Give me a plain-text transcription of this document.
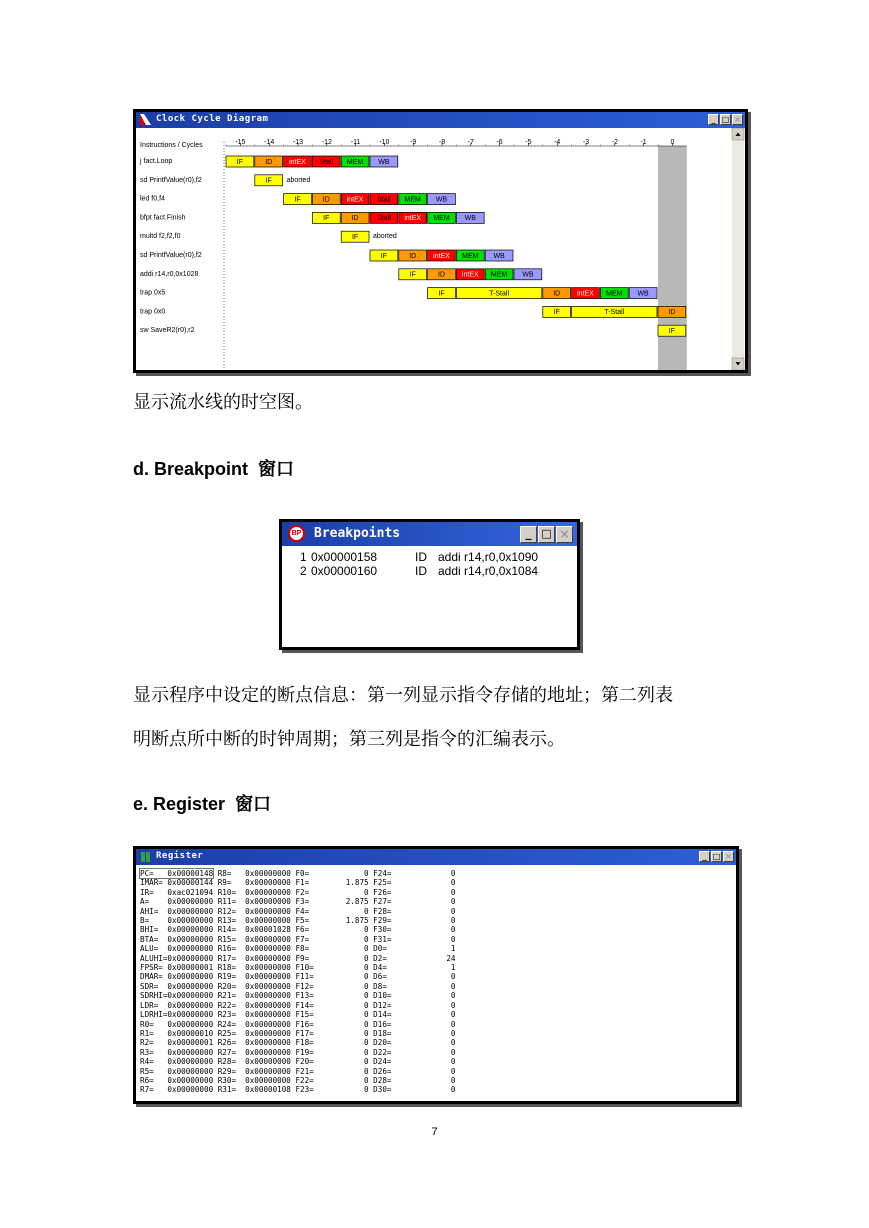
Clock Cycle Diagram	_ □ ×
Instructions / Cycles	-15	-14	-13	-12	-11	-10	-9	-8	-7	-6	-5	-4	-3	-2	-1	0
j fact.Loop	IF	ID intEX Stall MEM WB
sd PrintfValue(r0),f2	IF aborted
led f0,f4	IF	ID intEX Stall MEM WB
bfpt fact.Finish	IF	ID	Stall intEX MEM WB
multd f2,f2,f0	IF aborted
sd PrintfValue(r0),f2	IF	ID intEX MEM WB
addi r14,r0,0x1028	IF	ID intEX MEM WB
trap 0x5	IF	T-Stall	ID intEX MEM WB
trap 0x0	IF	T-Stall	ID
sw SaveR2(r0),r2	IF
显示流水线的时空图。
d. Breakpoint 窗口
BP Breakpoints	_ □ ×
1 0x00000158	ID addi r14,r0,0x1090
2 0x00000160	ID addi r14,r0,0x1084
显示程序中设定的断点信息：第一列显示指令存储的地址；第二列表
明断点所中断的时钟周期；第三列是指令的汇编表示。
e. Register 窗口
Register	_ □ ×
PC=   0x00000148 R8=   0x00000000 F0=            0 F24=             0
IMAR= 0x00000144 R9=   0x00000000 F1=        1.875 F25=             0
IR=   0xac021094 R10=  0x00000000 F2=            0 F26=             0
A=    0x00000000 R11=  0x00000000 F3=        2.875 F27=             0
AHI=  0x00000000 R12=  0x00000000 F4=            0 F28=             0
B=    0x00000000 R13=  0x00000000 F5=        1.875 F29=             0
BHI=  0x00000000 R14=  0x00001028 F6=            0 F30=             0
BTA=  0x00000000 R15=  0x00000000 F7=            0 F31=             0
ALU=  0x00000000 R16=  0x00000000 F8=            0 D0=              1
ALUHI=0x00000000 R17=  0x00000000 F9=            0 D2=             24
FPSR= 0x00000001 R18=  0x00000000 F10=           0 D4=              1
DMAR= 0x00000000 R19=  0x00000000 F11=           0 D6=              0
SDR=  0x00000000 R20=  0x00000000 F12=           0 D8=              0
SDRHI=0x00000000 R21=  0x00000000 F13=           0 D10=             0
LDR=  0x00000000 R22=  0x00000000 F14=           0 D12=             0
LDRHI=0x00000000 R23=  0x00000000 F15=           0 D14=             0
R0=   0x00000000 R24=  0x00000000 F16=           0 D16=             0
R1=   0x00000010 R25=  0x00000000 F17=           0 D18=             0
R2=   0x00000001 R26=  0x00000000 F18=           0 D20=             0
R3=   0x00000000 R27=  0x00000000 F19=           0 D22=             0
R4=   0x00000000 R28=  0x00000000 F20=           0 D24=             0
R5=   0x00000000 R29=  0x00000000 F21=           0 D26=             0
R6=   0x00000000 R30=  0x00000000 F22=           0 D28=             0
R7=   0x00000000 R31=  0x00000108 F23=           0 D30=             0
7
